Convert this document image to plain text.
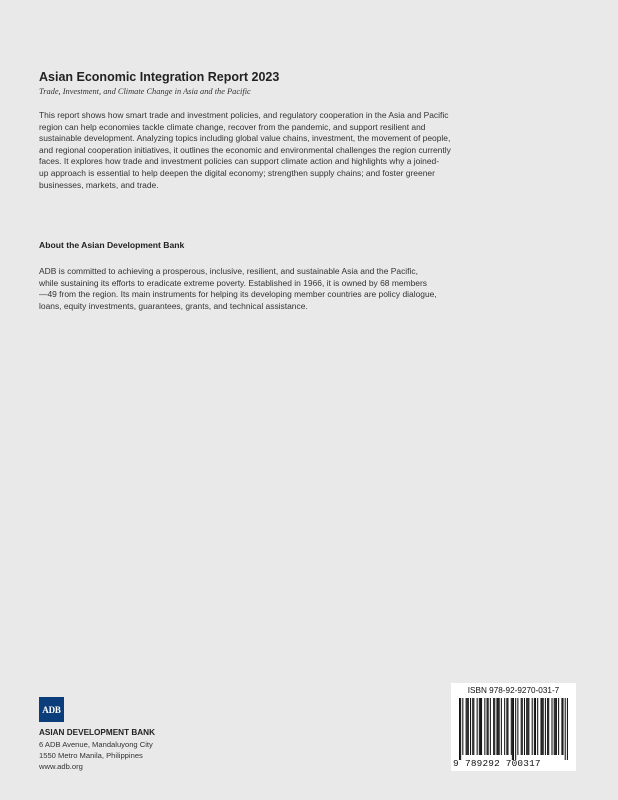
Asian Economic Integration Report 2023
Trade, Investment, and Climate Change in Asia and the Pacific

This report shows how smart trade and investment policies, and regulatory cooperation in the Asia and Pacific
region can help economies tackle climate change, recover from the pandemic, and support resilient and
sustainable development. Analyzing topics including global value chains, investment, the movement of people,
and regional cooperation initiatives, it outlines the economic and environmental challenges the region currently
faces. It explores how trade and investment policies can support climate action and highlights why a joined-
up approach is essential to help deepen the digital economy; strengthen supply chains; and foster greener
businesses, markets, and trade.

About the Asian Development Bank

ADB is committed to achieving a prosperous, inclusive, resilient, and sustainable Asia and the Pacific,
while sustaining its efforts to eradicate extreme poverty. Established in 1966, it is owned by 68 members
—49 from the region. Its main instruments for helping its developing member countries are policy dialogue,
loans, equity investments, guarantees, grants, and technical assistance.

ADB
ASIAN DEVELOPMENT BANK
6 ADB Avenue, Mandaluyong City
1550 Metro Manila, Philippines
www.adb.org
ISBN 978-92-9270-031-7
9 789292 700317
